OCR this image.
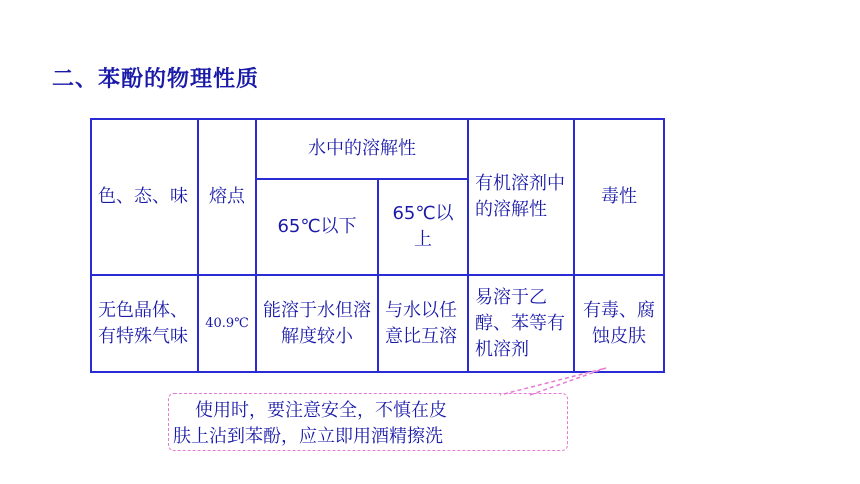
二、苯酚的物理性质
色、态、味	熔点	水中的溶解性		有机溶剂中的溶解性	毒性
		65℃以下	65℃以上		
无色晶体、有特殊气味	40.9℃	能溶于水但溶解度较小	与水以任意比互溶	易溶于乙醇、苯等有机溶剂	有毒、腐蚀皮肤
使用时，要注意安全，不慎在皮
肤上沾到苯酚，应立即用酒精擦洗
